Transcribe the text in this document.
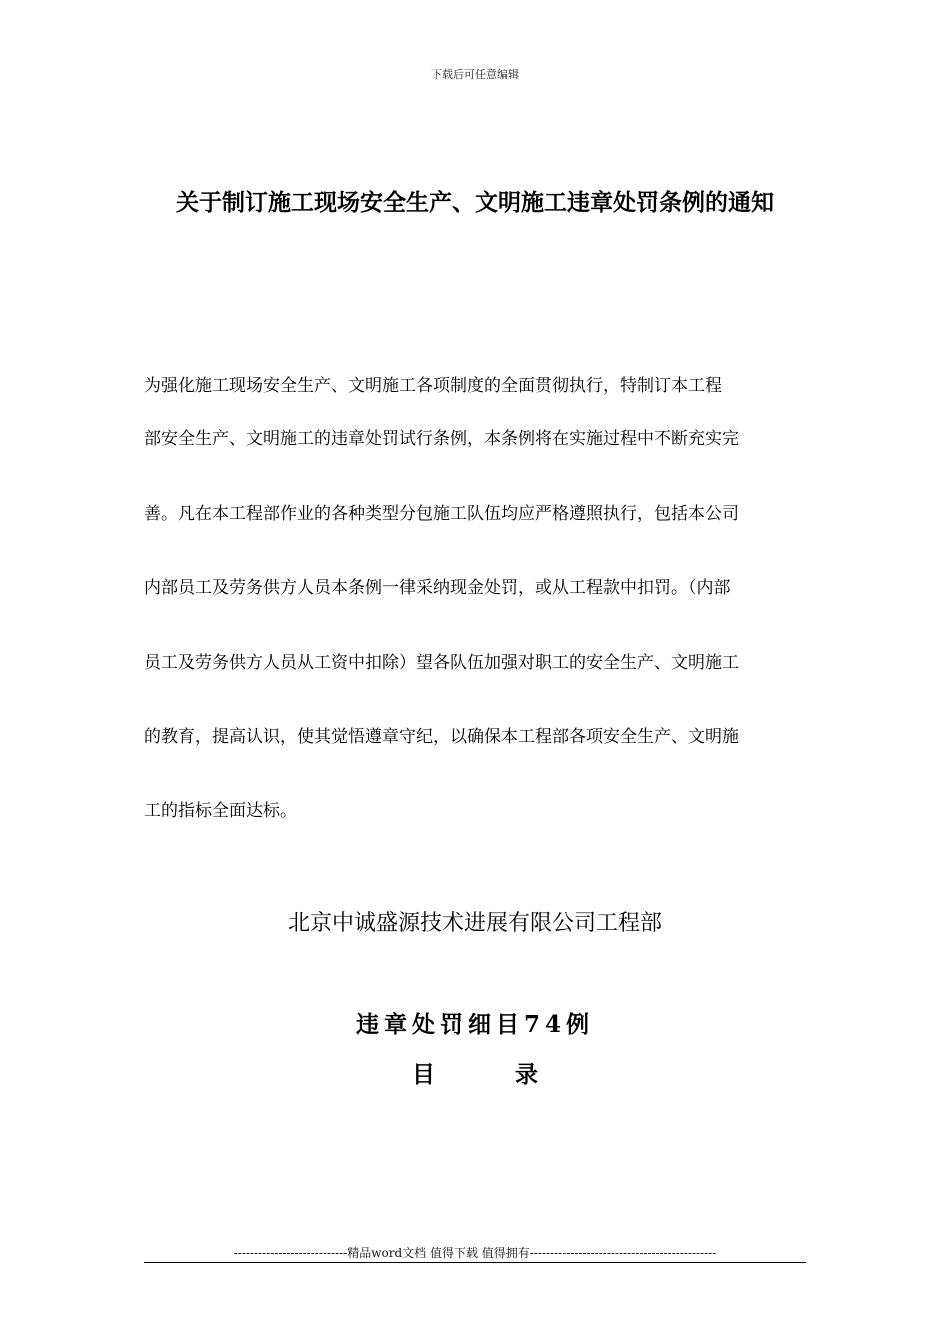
下载后可任意编辑
关于制订施工现场安全生产、文明施工违章处罚条例的通知

为强化施工现场安全生产、文明施工各项制度的全面贯彻执行，特制订本工程

部安全生产、文明施工的违章处罚试行条例，本条例将在实施过程中不断充实完

善。凡在本工程部作业的各种类型分包施工队伍均应严格遵照执行，包括本公司

内部员工及劳务供方人员本条例一律采纳现金处罚，或从工程款中扣罚。（内部

员工及劳务供方人员从工资中扣除）望各队伍加强对职工的安全生产、文明施工

的教育，提高认识，使其觉悟遵章守纪，以确保本工程部各项安全生产、文明施

工的指标全面达标。

北京中诚盛源技术进展有限公司工程部

违章处罚细目74例

目	录

----------------------------精品word文档 值得下载 值得拥有----------------------------------------------
